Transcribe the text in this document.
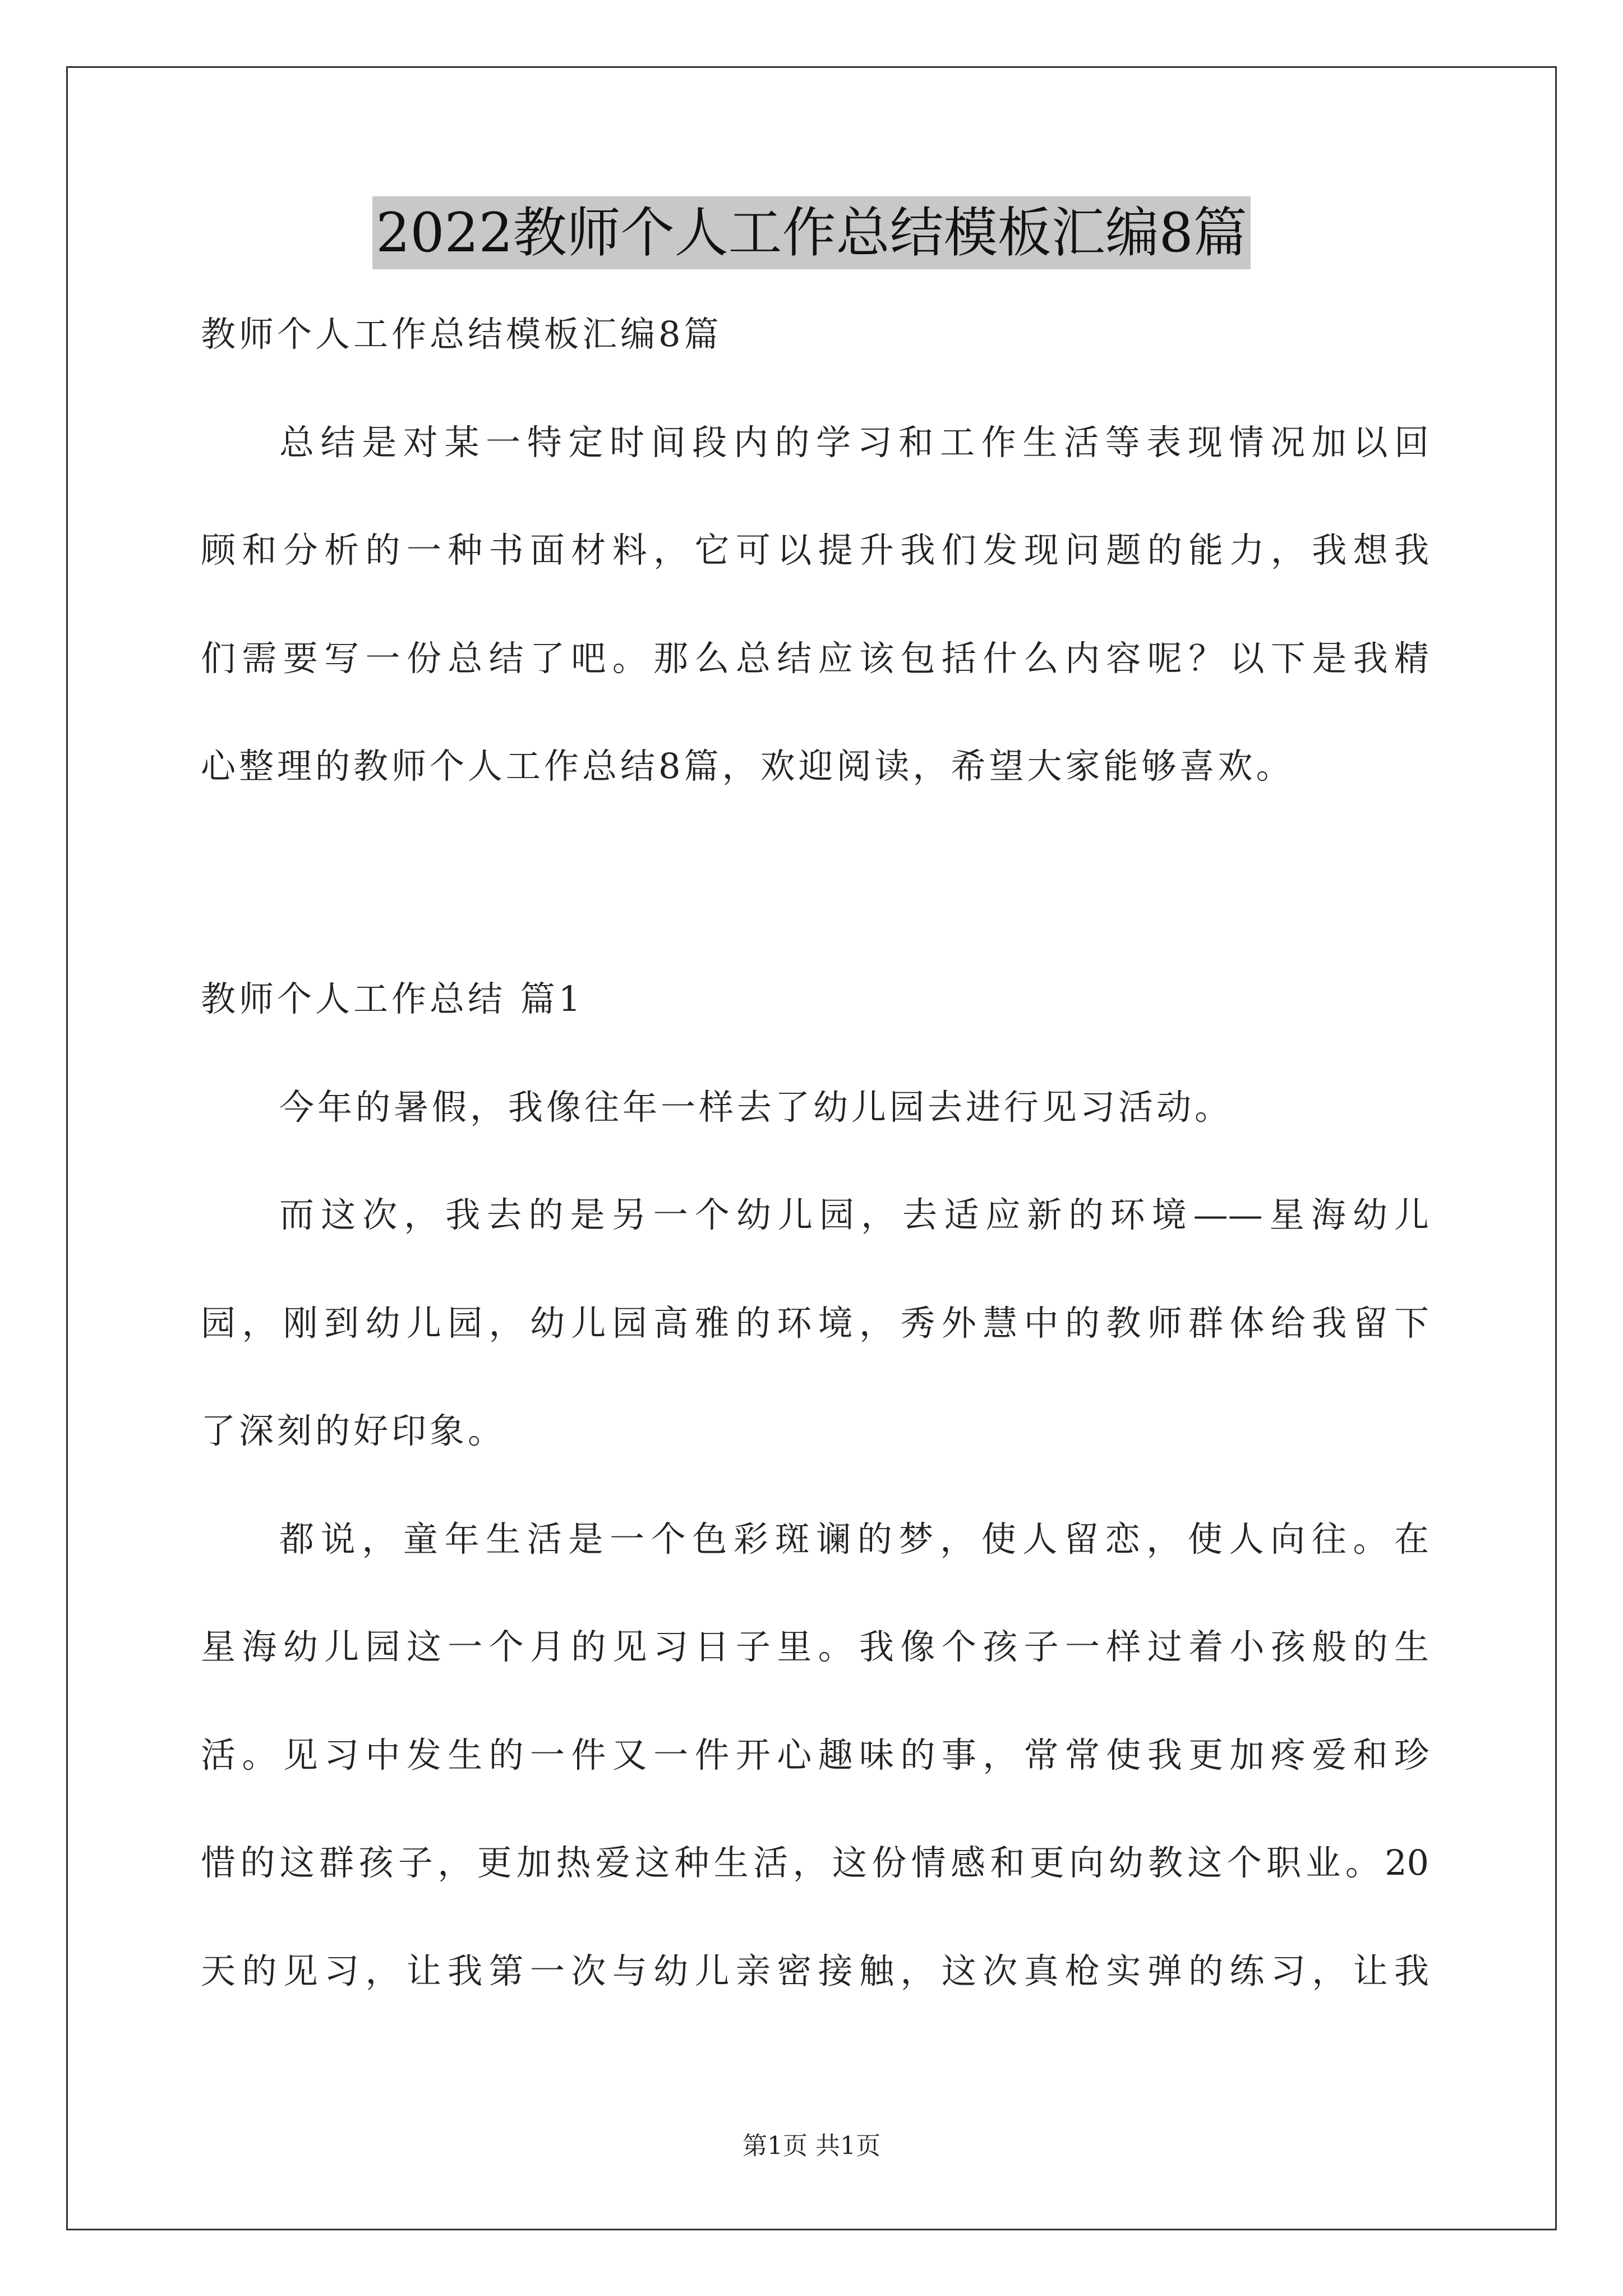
2022教师个人工作总结模板汇编8篇
教师个人工作总结模板汇编8篇
总结是对某一特定时间段内的学习和工作生活等表现情况加以回
顾和分析的一种书面材料，它可以提升我们发现问题的能力，我想我
们需要写一份总结了吧。那么总结应该包括什么内容呢？以下是我精
心整理的教师个人工作总结8篇，欢迎阅读，希望大家能够喜欢。
教师个人工作总结 篇1
今年的暑假，我像往年一样去了幼儿园去进行见习活动。
而这次，我去的是另一个幼儿园，去适应新的环境——星海幼儿
园，刚到幼儿园，幼儿园高雅的环境，秀外慧中的教师群体给我留下
了深刻的好印象。
都说，童年生活是一个色彩斑谰的梦，使人留恋，使人向往。在
星海幼儿园这一个月的见习日子里。我像个孩子一样过着小孩般的生
活。见习中发生的一件又一件开心趣味的事，常常使我更加疼爱和珍
惜的这群孩子，更加热爱这种生活，这份情感和更向幼教这个职业。20
天的见习，让我第一次与幼儿亲密接触，这次真枪实弹的练习，让我
第1页 共1页
